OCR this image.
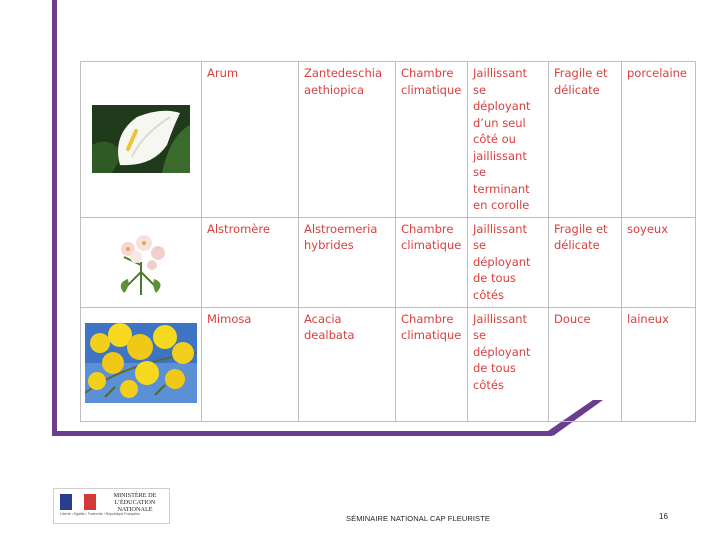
	Arum	Zantedeschia aethiopica	Chambre climatique	Jaillissant se déployant d’un seul côté ou jaillissant se terminant en corolle	Fragile et délicate	porcelaine

	Alstromère	Alstroemeria hybrides	Chambre climatique	Jaillissant se déployant de tous côtés	Fragile et délicate	soyeux

	Mimosa	Acacia dealbata	Chambre climatique	Jaillissant se déployant de tous côtés	Douce	laineux
Liberté • Égalité • Fraternité / République Française
MINISTÈRE DE L’ÉDUCATION NATIONALE
SÉMINAIRE NATIONAL CAP FLEURISTE	16
